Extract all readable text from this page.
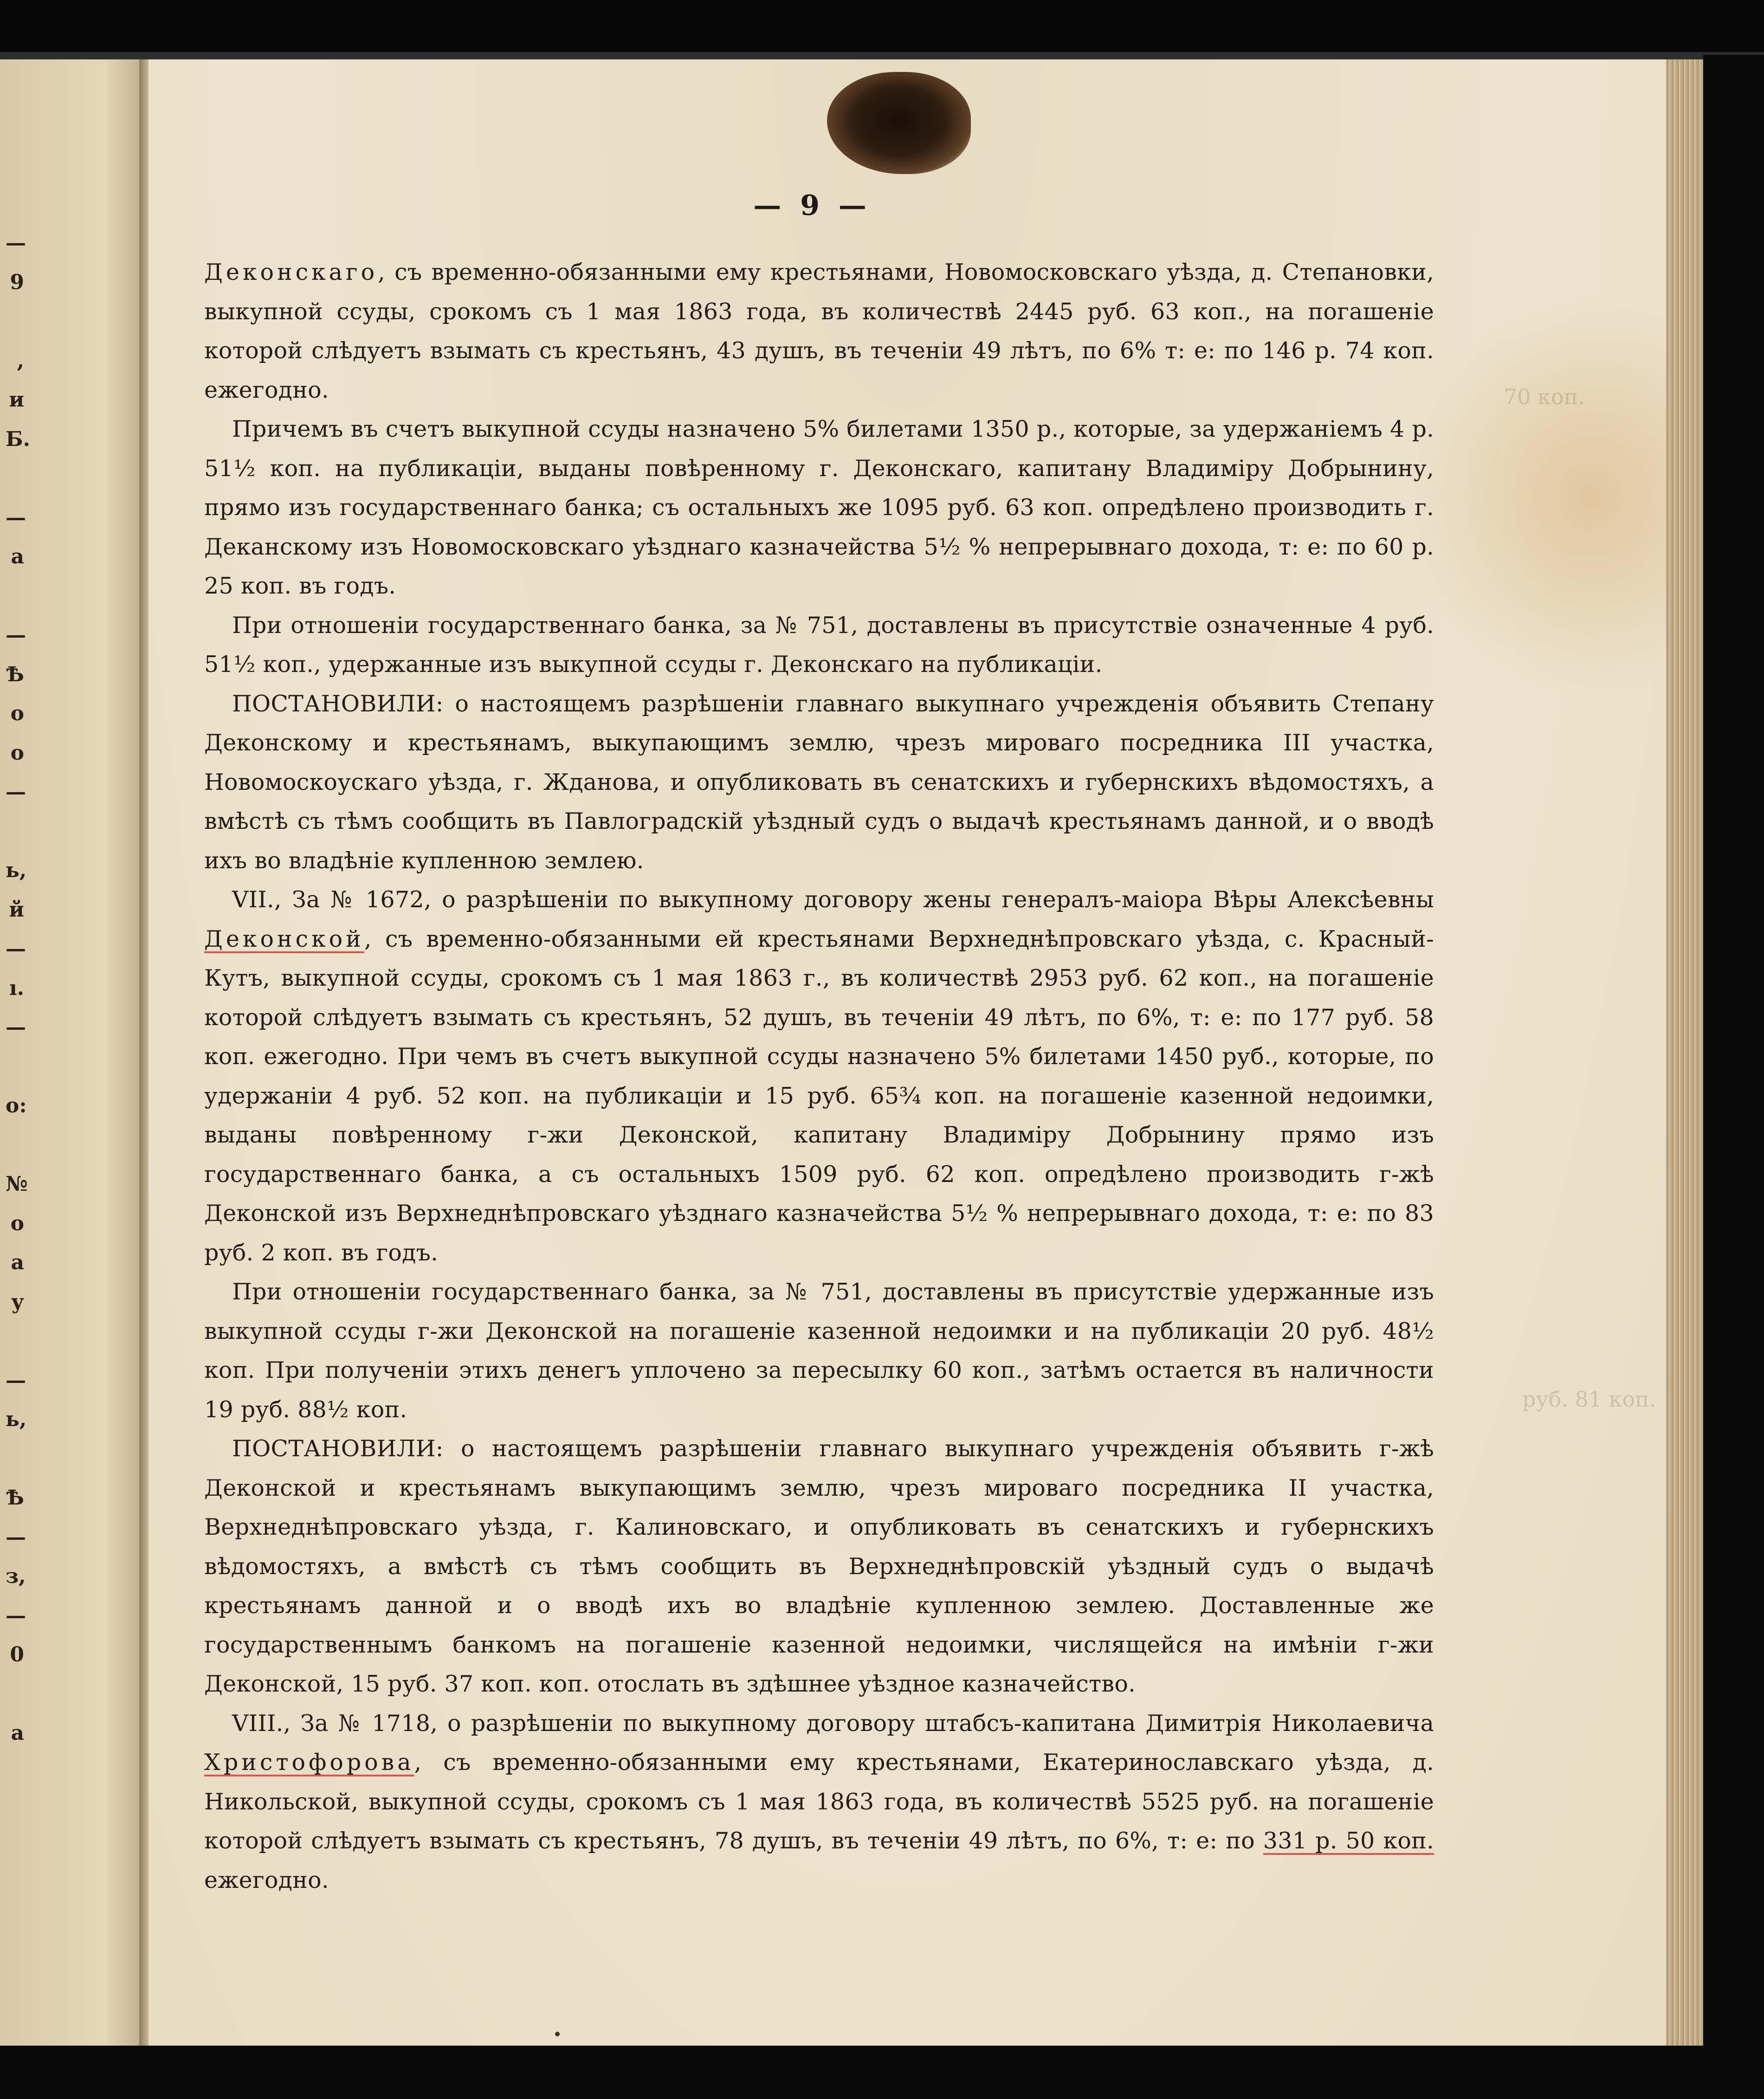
—
9
,
и
Б.
—
а
—
Ѣ
о
о
—
ь,
й
—
ı.
—
о:
№
о
а
у
—
ь,
Ѣ
—
з,
—
0
а
70 коп.
руб. 81 коп.
— 9 —

Деконскаго, съ временно-обязанными ему крестьянами, Новомосковскаго уѣзда, д. Степановки, выкупной ссуды, срокомъ съ 1 мая 1863 года, въ количествѣ 2445 руб. 63 коп., на погашеніе которой слѣдуетъ взымать съ крестьянъ, 43 душъ, въ теченіи 49 лѣтъ, по 6% т: е: по 146 р. 74 коп. ежегодно.

Причемъ въ счетъ выкупной ссуды назначено 5% билетами 1350 р., которые, за удержаніемъ 4 р. 51½ коп. на публикаціи, выданы повѣренному г. Деконскаго, капитану Владиміру Добрынину, прямо изъ государственнаго банка; съ остальныхъ же 1095 руб. 63 коп. опредѣлено производить г. Деканскому изъ Новомосковскаго уѣзднаго казначейства 5½ % непрерывнаго дохода, т: е: по 60 р. 25 коп. въ годъ.

При отношеніи государственнаго банка, за № 751, доставлены въ присутствіе означенные 4 руб. 51½ коп., удержанные изъ выкупной ссуды г. Деконскаго на публикаціи.

ПОСТАНОВИЛИ: о настоящемъ разрѣшеніи главнаго выкупнаго учрежденія объявить Степану Деконскому и крестьянамъ, выкупающимъ землю, чрезъ мироваго посредника III участка, Новомоскоускаго уѣзда, г. Жданова, и опубликовать въ сенатскихъ и губернскихъ вѣдомостяхъ, а вмѣстѣ съ тѣмъ сообщить въ Павлоградскій уѣздный судъ о выдачѣ крестьянамъ данной, и о вводѣ ихъ во владѣніе купленною землею.

VII., За № 1672, о разрѣшеніи по выкупному договору жены генералъ-маіора Вѣры Алексѣевны Деконской, съ временно-обязанными ей крестьянами Верхнеднѣпровскаго уѣзда, с. Красный-Кутъ, выкупной ссуды, срокомъ съ 1 мая 1863 г., въ количествѣ 2953 руб. 62 коп., на погашеніе которой слѣдуетъ взымать съ крестьянъ, 52 душъ, въ теченіи 49 лѣтъ, по 6%, т: е: по 177 руб. 58 коп. ежегодно. При чемъ въ счетъ выкупной ссуды назначено 5% билетами 1450 руб., которые, по удержаніи 4 руб. 52 коп. на публикаціи и 15 руб. 65¾ коп. на погашеніе казенной недоимки, выданы повѣренному г-жи Деконской, капитану Владиміру Добрынину прямо изъ государственнаго банка, а съ остальныхъ 1509 руб. 62 коп. опредѣлено производить г-жѣ Деконской изъ Верхнеднѣпровскаго уѣзднаго казначейства 5½ % непрерывнаго дохода, т: е: по 83 руб. 2 коп. въ годъ.

При отношеніи государственнаго банка, за № 751, доставлены въ присутствіе удержанные изъ выкупной ссуды г-жи Деконской на погашеніе казенной недоимки и на публикаціи 20 руб. 48½ коп. При полученіи этихъ денегъ уплочено за пересылку 60 коп., затѣмъ остается въ наличности 19 руб. 88½ коп.

ПОСТАНОВИЛИ: о настоящемъ разрѣшеніи главнаго выкупнаго учрежденія объявить г-жѣ Деконской и крестьянамъ выкупающимъ землю, чрезъ мироваго посредника II участка, Верхнеднѣпровскаго уѣзда, г. Калиновскаго, и опубликовать въ сенатскихъ и губернскихъ вѣдомостяхъ, а вмѣстѣ съ тѣмъ сообщить въ Верхнеднѣпровскій уѣздный судъ о выдачѣ крестьянамъ данной и о вводѣ ихъ во владѣніе купленною землею. Доставленные же государственнымъ банкомъ на погашеніе казенной недоимки, числящейся на имѣніи г-жи Деконской, 15 руб. 37 коп. коп. отослать въ здѣшнее уѣздное казначейство.

VIII., За № 1718, о разрѣшеніи по выкупному договору штабсъ-капитана Димитрія Николаевича Христофорова, съ временно-обязанными ему крестьянами, Екатеринославскаго уѣзда, д. Никольской, выкупной ссуды, срокомъ съ 1 мая 1863 года, въ количествѣ 5525 руб. на погашеніе которой слѣдуетъ взымать съ крестьянъ, 78 душъ, въ теченіи 49 лѣтъ, по 6%, т: е: по 331 р. 50 коп. ежегодно.
